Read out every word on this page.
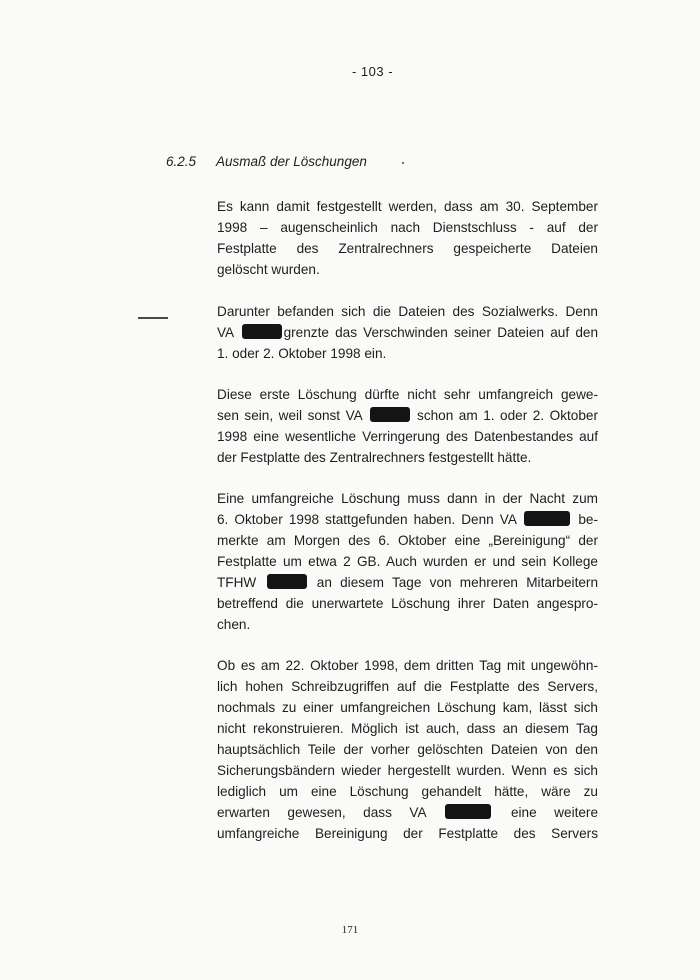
- 103 -
6.2.5 Ausmaß der Löschungen
Es kann damit festgestellt werden, dass am 30. September
1998 – augenscheinlich nach Dienstschluss - auf der
Festplatte des Zentralrechners gespeicherte Dateien
gelöscht wurden.
Darunter befanden sich die Dateien des Sozialwerks. Denn
VA	grenzte das Verschwinden seiner Dateien auf den
1. oder 2. Oktober 1998 ein.
Diese erste Löschung dürfte nicht sehr umfangreich gewe-
sen sein, weil sonst VA	schon am 1. oder 2. Oktober
1998 eine wesentliche Verringerung des Datenbestandes auf
der Festplatte des Zentralrechners festgestellt hätte.
Eine umfangreiche Löschung muss dann in der Nacht zum
6. Oktober 1998 stattgefunden haben. Denn VA	be-
merkte am Morgen des 6. Oktober eine „Bereinigung“ der
Festplatte um etwa 2 GB. Auch wurden er und sein Kollege
TFHW	an diesem Tage von mehreren Mitarbeitern
betreffend die unerwartete Löschung ihrer Daten angespro-
chen.
Ob es am 22. Oktober 1998, dem dritten Tag mit ungewöhn-
lich hohen Schreibzugriffen auf die Festplatte des Servers,
nochmals zu einer umfangreichen Löschung kam, lässt sich
nicht rekonstruieren. Möglich ist auch, dass an diesem Tag
hauptsächlich Teile der vorher gelöschten Dateien von den
Sicherungsbändern wieder hergestellt wurden. Wenn es sich
lediglich um eine Löschung gehandelt hätte, wäre zu
erwarten gewesen, dass VA	eine weitere
umfangreiche Bereinigung der Festplatte des Servers
171
